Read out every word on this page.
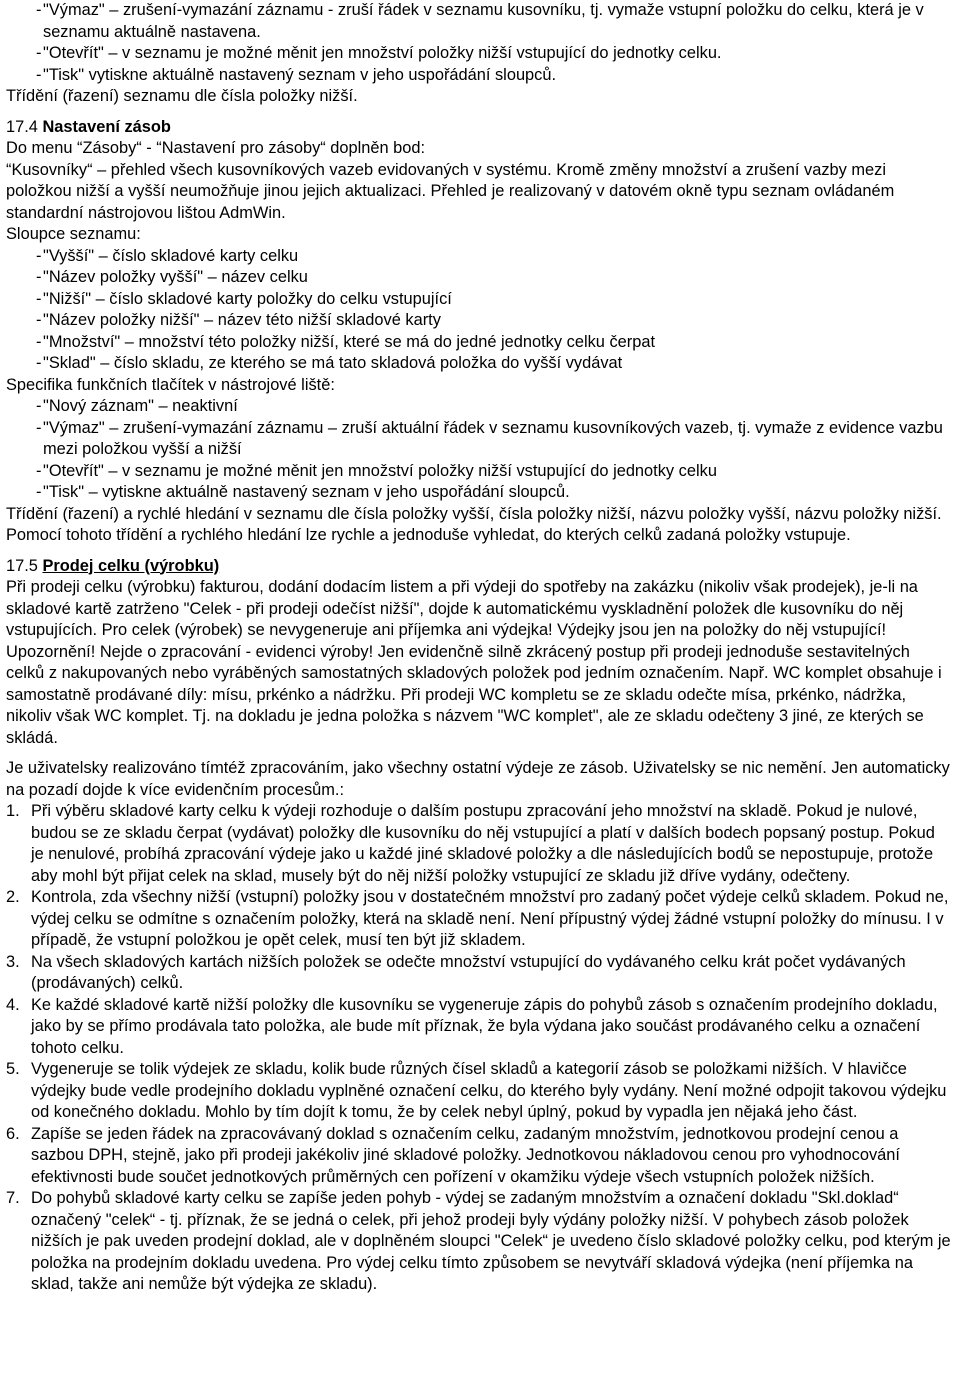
- "Výmaz" – zrušení-vymazání záznamu - zruší řádek v seznamu kusovníku, tj. vymaže vstupní položku do celku, která je v seznamu aktuálně nastavena.
- "Otevřít" – v seznamu je možné měnit jen množství položky nižší vstupující do jednotky celku.
- "Tisk" vytiskne aktuálně nastavený seznam v jeho uspořádání sloupců.

Třídění (řazení) seznamu dle čísla položky nižší.

17.4 Nastavení zásob

Do menu “Zásoby“ - “Nastavení pro zásoby“ doplněn bod:

“Kusovníky“ – přehled všech kusovníkových vazeb evidovaných v systému. Kromě změny množství a zrušení vazby mezi položkou nižší a vyšší neumožňuje jinou jejich aktualizaci. Přehled je realizovaný v datovém okně typu seznam ovládaném standardní nástrojovou lištou AdmWin.

Sloupce seznamu:

- "Vyšší" – číslo skladové karty celku
- "Název položky vyšší" – název celku
- "Nižší" – číslo skladové karty položky do celku vstupující
- "Název položky nižší" – název této nižší skladové karty
- "Množství" – množství této položky nižší, které se má do jedné jednotky celku čerpat
- "Sklad" – číslo skladu, ze kterého se má tato skladová položka do vyšší vydávat

Specifika funkčních tlačítek v nástrojové liště:

- "Nový záznam" – neaktivní
- "Výmaz" – zrušení-vymazání záznamu – zruší aktuální řádek v seznamu kusovníkových vazeb, tj. vymaže z evidence vazbu mezi položkou vyšší a nižší
- "Otevřít" – v seznamu je možné měnit jen množství položky nižší vstupující do jednotky celku
- "Tisk" – vytiskne aktuálně nastavený seznam v jeho uspořádání sloupců.

Třídění (řazení) a rychlé hledání v seznamu dle čísla položky vyšší, čísla položky nižší, názvu položky vyšší, názvu položky nižší. Pomocí tohoto třídění a rychlého hledání lze rychle a jednoduše vyhledat, do kterých celků zadaná položky vstupuje.

17.5 Prodej celku (výrobku)

Při prodeji celku (výrobku) fakturou, dodání dodacím listem a při výdeji do spotřeby na zakázku (nikoliv však prodejek), je-li na skladové kartě zatrženo "Celek - při prodeji odečíst nižší", dojde k automatickému vyskladnění položek dle kusovníku do něj vstupujících. Pro celek (výrobek) se nevygeneruje ani příjemka ani výdejka! Výdejky jsou jen na položky do něj vstupující! Upozornění! Nejde o zpracování - evidenci výroby! Jen evidenčně silně zkrácený postup při prodeji jednoduše sestavitelných celků z nakupovaných nebo vyráběných samostatných skladových položek pod jedním označením. Např. WC komplet obsahuje i samostatně prodávané díly: mísu, prkénko a nádržku. Při prodeji WC kompletu se ze skladu odečte mísa, prkénko, nádržka, nikoliv však WC komplet. Tj. na dokladu je jedna položka s názvem "WC komplet", ale ze skladu odečteny 3 jiné, ze kterých se skládá.

Je uživatelsky realizováno tímtéž zpracováním, jako všechny ostatní výdeje ze zásob. Uživatelsky se nic nemění. Jen automaticky na pozadí dojde k více evidenčním procesům.:

1. Při výběru skladové karty celku k výdeji rozhoduje o dalším postupu zpracování jeho množství na skladě. Pokud je nulové, budou se ze skladu čerpat (vydávat) položky dle kusovníku do něj vstupující a platí v dalších bodech popsaný postup. Pokud je nenulové, probíhá zpracování výdeje jako u každé jiné skladové položky a dle následujících bodů se nepostupuje, protože aby mohl být přijat celek na sklad, musely být do něj nižší položky vstupující ze skladu již dříve vydány, odečteny.
2. Kontrola, zda všechny nižší (vstupní) položky jsou v dostatečném množství pro zadaný počet výdeje celků skladem. Pokud ne, výdej celku se odmítne s označením položky, která na skladě není. Není přípustný výdej žádné vstupní položky do mínusu. I v případě, že vstupní položkou je opět celek, musí ten být již skladem.
3. Na všech skladových kartách nižších položek se odečte množství vstupující do vydávaného celku krát počet vydávaných (prodávaných) celků.
4. Ke každé skladové kartě nižší položky dle kusovníku se vygeneruje zápis do pohybů zásob s označením prodejního dokladu, jako by se přímo prodávala tato položka, ale bude mít příznak, že byla výdana jako součást prodávaného celku a označení tohoto celku.
5. Vygeneruje se tolik výdejek ze skladu, kolik bude různých čísel skladů a kategorií zásob se položkami nižších. V hlavičce výdejky bude vedle prodejního dokladu vyplněné označení celku, do kterého byly vydány. Není možné odpojit takovou výdejku od konečného dokladu. Mohlo by tím dojít k tomu, že by celek nebyl úplný, pokud by vypadla jen nějaká jeho část.
6. Zapíše se jeden řádek na zpracovávaný doklad s označením celku, zadaným množstvím, jednotkovou prodejní cenou a sazbou DPH, stejně, jako při prodeji jakékoliv jiné skladové položky. Jednotkovou nákladovou cenou pro vyhodnocování efektivnosti bude součet jednotkových průměrných cen pořízení v okamžiku výdeje všech vstupních položek nižších.
7. Do pohybů skladové karty celku se zapíše jeden pohyb - výdej se zadaným množstvím a označení dokladu "Skl.doklad“ označený "celek“ - tj. příznak, že se jedná o celek, při jehož prodeji byly výdány položky nižší. V pohybech zásob položek nižších je pak uveden prodejní doklad, ale v doplněném sloupci "Celek“ je uvedeno číslo skladové položky celku, pod kterým je položka na prodejním dokladu uvedena. Pro výdej celku tímto způsobem se nevytváří skladová výdejka (není příjemka na sklad, takže ani nemůže být výdejka ze skladu).
